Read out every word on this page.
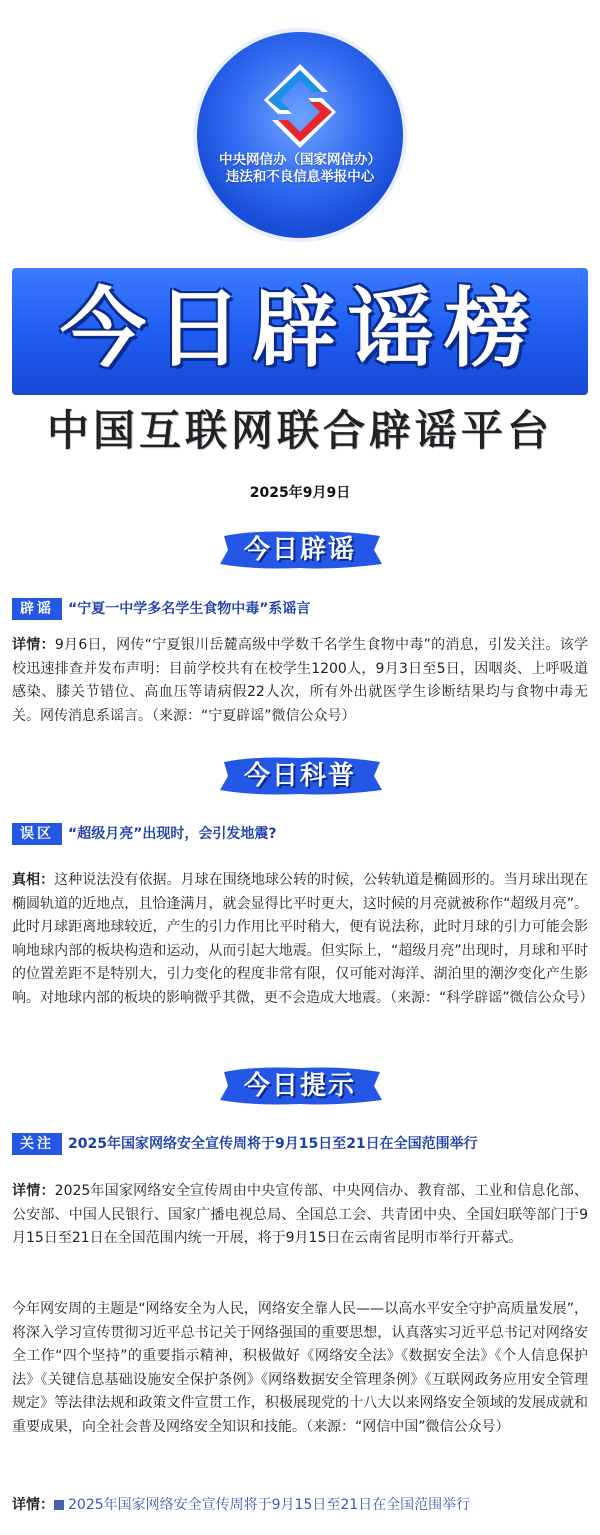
中央网信办（国家网信办）
违法和不良信息举报中心
今日辟谣榜
中国互联网联合辟谣平台
2025年9月9日
今日辟谣
辟谣	“宁夏一中学多名学生食物中毒”系谣言
详情：9月6日，网传“宁夏银川岳麓高级中学数千名学生食物中毒”的消息，引发关注。该学校迅速排查并发布声明：目前学校共有在校学生1200人，9月3日至5日，因咽炎、上呼吸道感染、膝关节错位、高血压等请病假22人次，所有外出就医学生诊断结果均与食物中毒无关。网传消息系谣言。（来源：“宁夏辟谣”微信公众号）
今日科普
误区	“超级月亮”出现时，会引发地震?
真相：这种说法没有依据。月球在围绕地球公转的时候，公转轨道是椭圆形的。当月球出现在椭圆轨道的近地点，且恰逢满月，就会显得比平时更大，这时候的月亮就被称作“超级月亮”。此时月球距离地球较近，产生的引力作用比平时稍大，便有说法称，此时月球的引力可能会影响地球内部的板块构造和运动，从而引起大地震。但实际上，“超级月亮”出现时，月球和平时的位置差距不是特别大，引力变化的程度非常有限，仅可能对海洋、湖泊里的潮汐变化产生影响。对地球内部的板块的影响微乎其微，更不会造成大地震。（来源：“科学辟谣”微信公众号）
今日提示
关注	2025年国家网络安全宣传周将于9月15日至21日在全国范围举行
详情：2025年国家网络安全宣传周由中央宣传部、中央网信办、教育部、工业和信息化部、公安部、中国人民银行、国家广播电视总局、全国总工会、共青团中央、全国妇联等部门于9月15日至21日在全国范围内统一开展，将于9月15日在云南省昆明市举行开幕式。
今年网安周的主题是“网络安全为人民，网络安全靠人民——以高水平安全守护高质量发展”，将深入学习宣传贯彻习近平总书记关于网络强国的重要思想，认真落实习近平总书记对网络安全工作“四个坚持”的重要指示精神，积极做好《网络安全法》《数据安全法》《个人信息保护法》《关键信息基础设施安全保护条例》《网络数据安全管理条例》《互联网政务应用安全管理规定》等法律法规和政策文件宣贯工作，积极展现党的十八大以来网络安全领域的发展成就和重要成果，向全社会普及网络安全知识和技能。（来源：“网信中国”微信公众号）
详情： 2025年国家网络安全宣传周将于9月15日至21日在全国范围举行
